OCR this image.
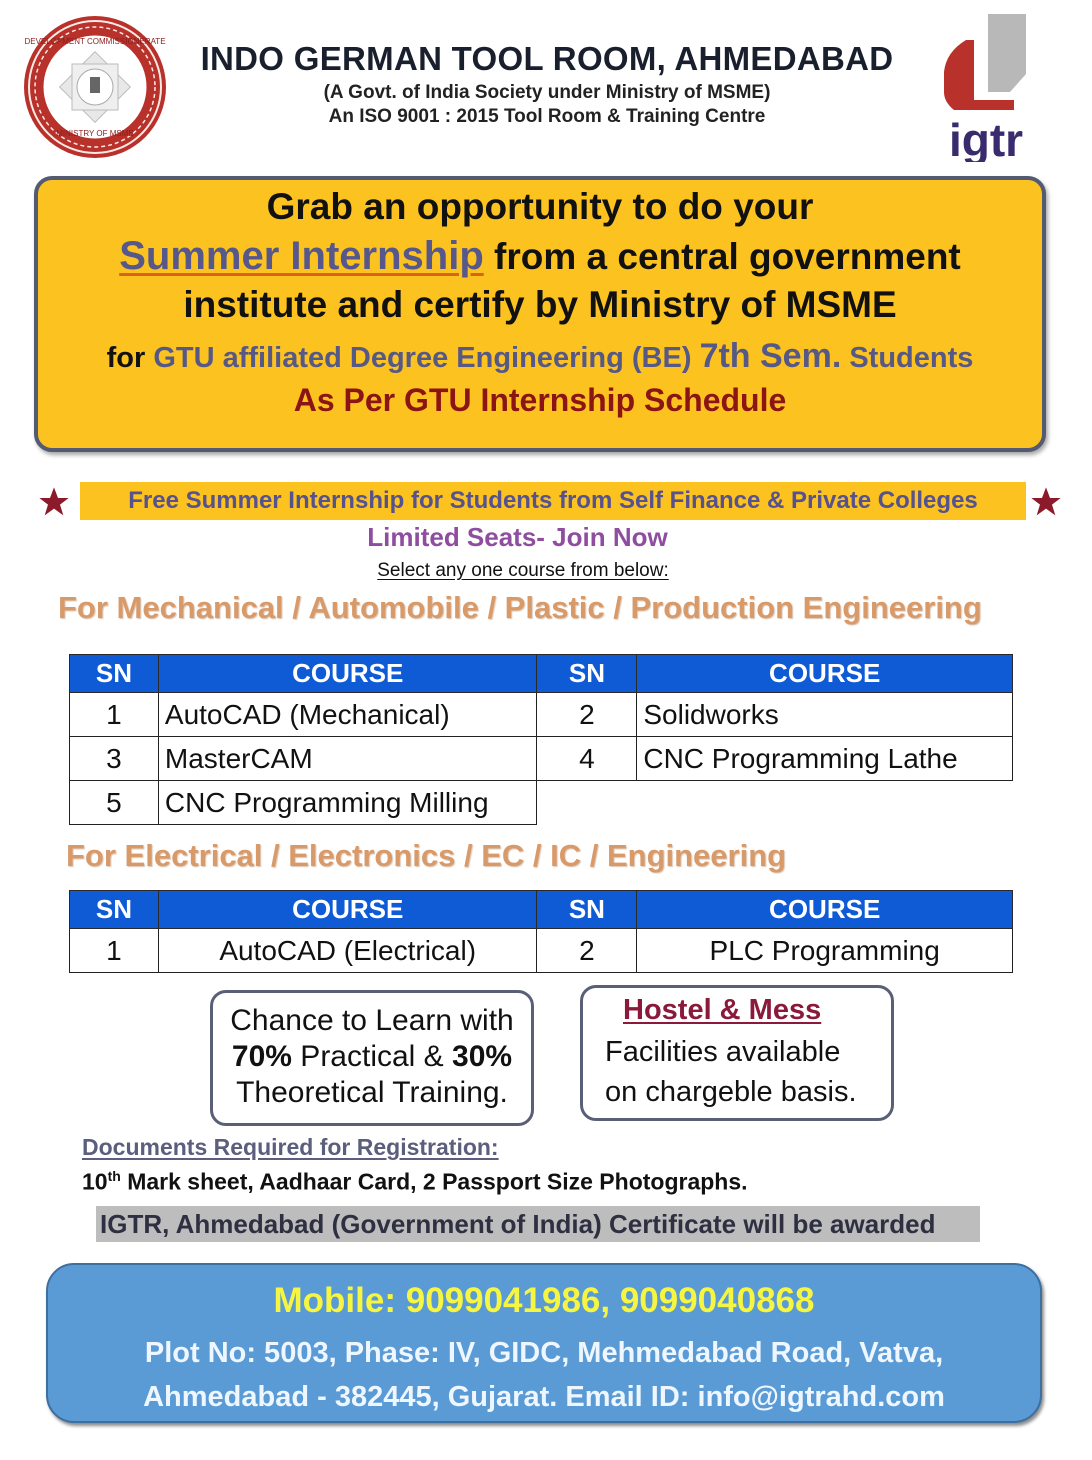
DEVELOPMENT COMMISSIONERATE
MINISTRY OF MSME
INDO GERMAN TOOL ROOM, AHMEDABAD
(A Govt. of India Society under Ministry of MSME)
An ISO 9001 : 2015 Tool Room & Training Centre	igtr
Grab an opportunity to do your
Summer Internship from a central government
institute and certify by Ministry of MSME
for GTU affiliated Degree Engineering (BE) 7th Sem. Students
As Per GTU Internship Schedule
Free Summer Internship for Students from Self Finance & Private Colleges
Limited Seats- Join Now
Select any one course from below:
For Mechanical / Automobile / Plastic / Production Engineering
SN	COURSE	SN	COURSE
1	AutoCAD (Mechanical)	2	Solidworks
3	MasterCAM	4	CNC Programming Lathe
5	CNC Programming Milling		
For Electrical / Electronics / EC / IC / Engineering
SN	COURSE	SN	COURSE
1	AutoCAD (Electrical)	2	PLC Programming
Chance to Learn with
70% Practical & 30%
Theoretical Training.
Hostel & Mess
Facilities available
on chargeble basis.
Documents Required for Registration:
10th Mark sheet, Aadhaar Card, 2 Passport Size Photographs.
IGTR, Ahmedabad (Government of India) Certificate will be awarded
Mobile: 9099041986, 9099040868
Plot No: 5003, Phase: IV, GIDC, Mehmedabad Road, Vatva,
Ahmedabad - 382445, Gujarat. Email ID: info@igtrahd.com
